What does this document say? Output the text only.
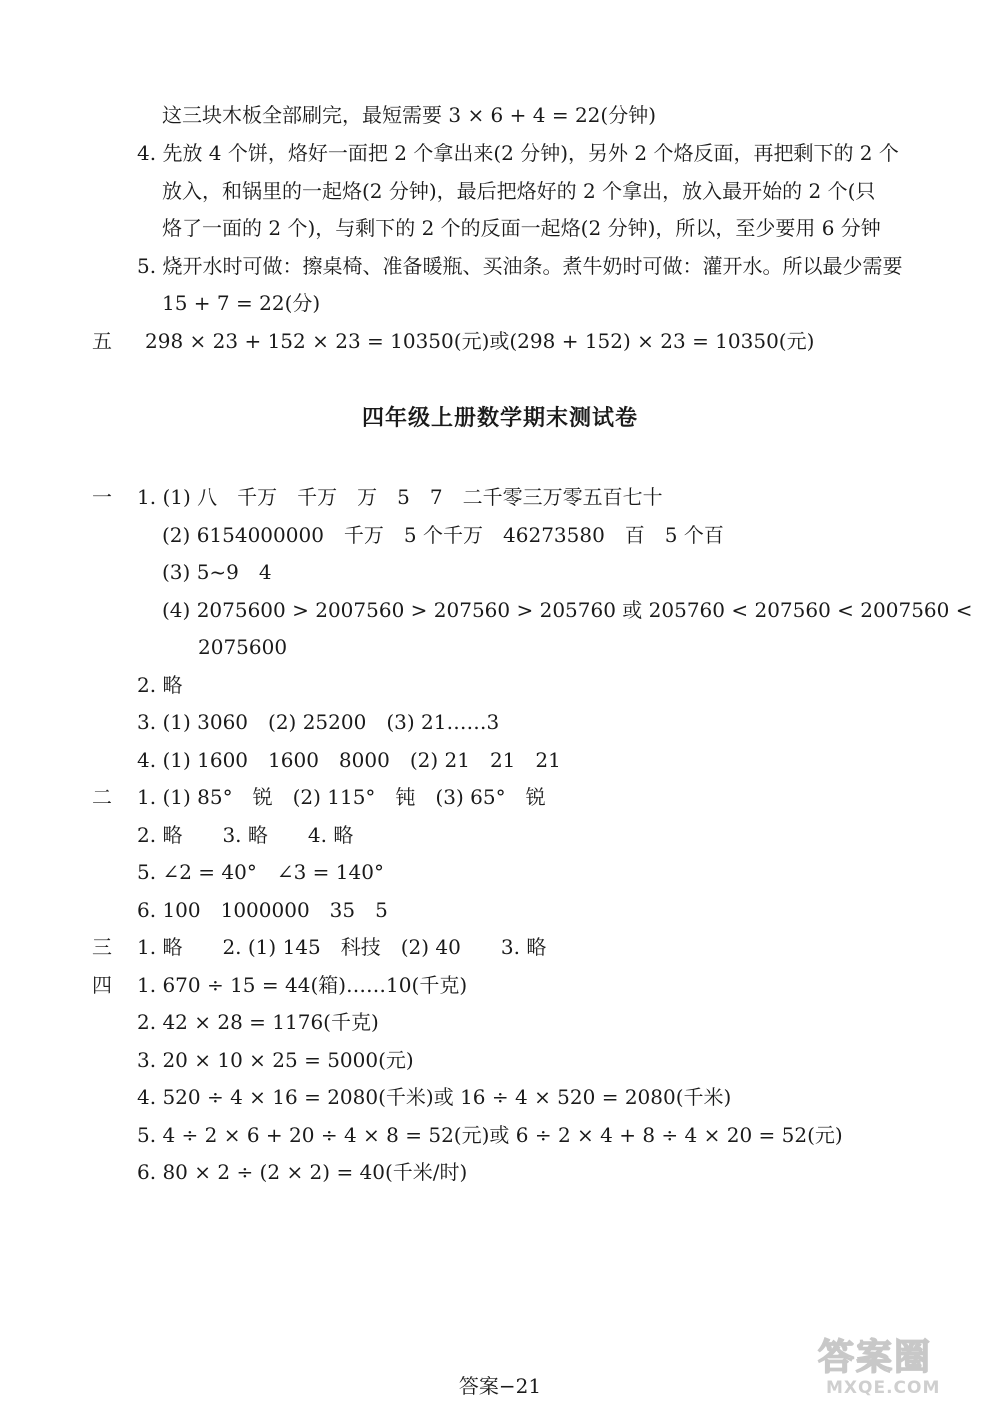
这三块木板全部刷完，最短需要 3 × 6 + 4 = 22(分钟)
4. 先放 4 个饼，烙好一面把 2 个拿出来(2 分钟)，另外 2 个烙反面，再把剩下的 2 个
放入，和锅里的一起烙(2 分钟)，最后把烙好的 2 个拿出，放入最开始的 2 个(只
烙了一面的 2 个)，与剩下的 2 个的反面一起烙(2 分钟)，所以，至少要用 6 分钟
5. 烧开水时可做：擦桌椅、准备暖瓶、买油条。煮牛奶时可做：灌开水。所以最少需要
15 + 7 = 22(分)
五 298 × 23 + 152 × 23 = 10350(元)或(298 + 152) × 23 = 10350(元)
四年级上册数学期末测试卷
一 1. (1) 八　千万　千万　万　5　7　二千零三万零五百七十
(2) 6154000000　千万　5 个千万　46273580　百　5 个百
(3) 5~9　4
(4) 2075600 > 2007560 > 207560 > 205760 或 205760 < 207560 < 2007560 <
2075600
2. 略
3. (1) 3060　(2) 25200　(3) 21……3
4. (1) 1600　1600　8000　(2) 21　21　21
二 1. (1) 85°　锐　(2) 115°　钝　(3) 65°　锐
2. 略　　3. 略　　4. 略
5. ∠2 = 40°　∠3 = 140°
6. 100　1000000　35　5
三 1. 略　　2. (1) 145　科技　(2) 40　　3. 略
四 1. 670 ÷ 15 = 44(箱)……10(千克)
2. 42 × 28 = 1176(千克)
3. 20 × 10 × 25 = 5000(元)
4. 520 ÷ 4 × 16 = 2080(千米)或 16 ÷ 4 × 520 = 2080(千米)
5. 4 ÷ 2 × 6 + 20 ÷ 4 × 8 = 52(元)或 6 ÷ 2 × 4 + 8 ÷ 4 × 20 = 52(元)
6. 80 × 2 ÷ (2 × 2) = 40(千米/时)
答案−21
答案圈
MXQE.COM
